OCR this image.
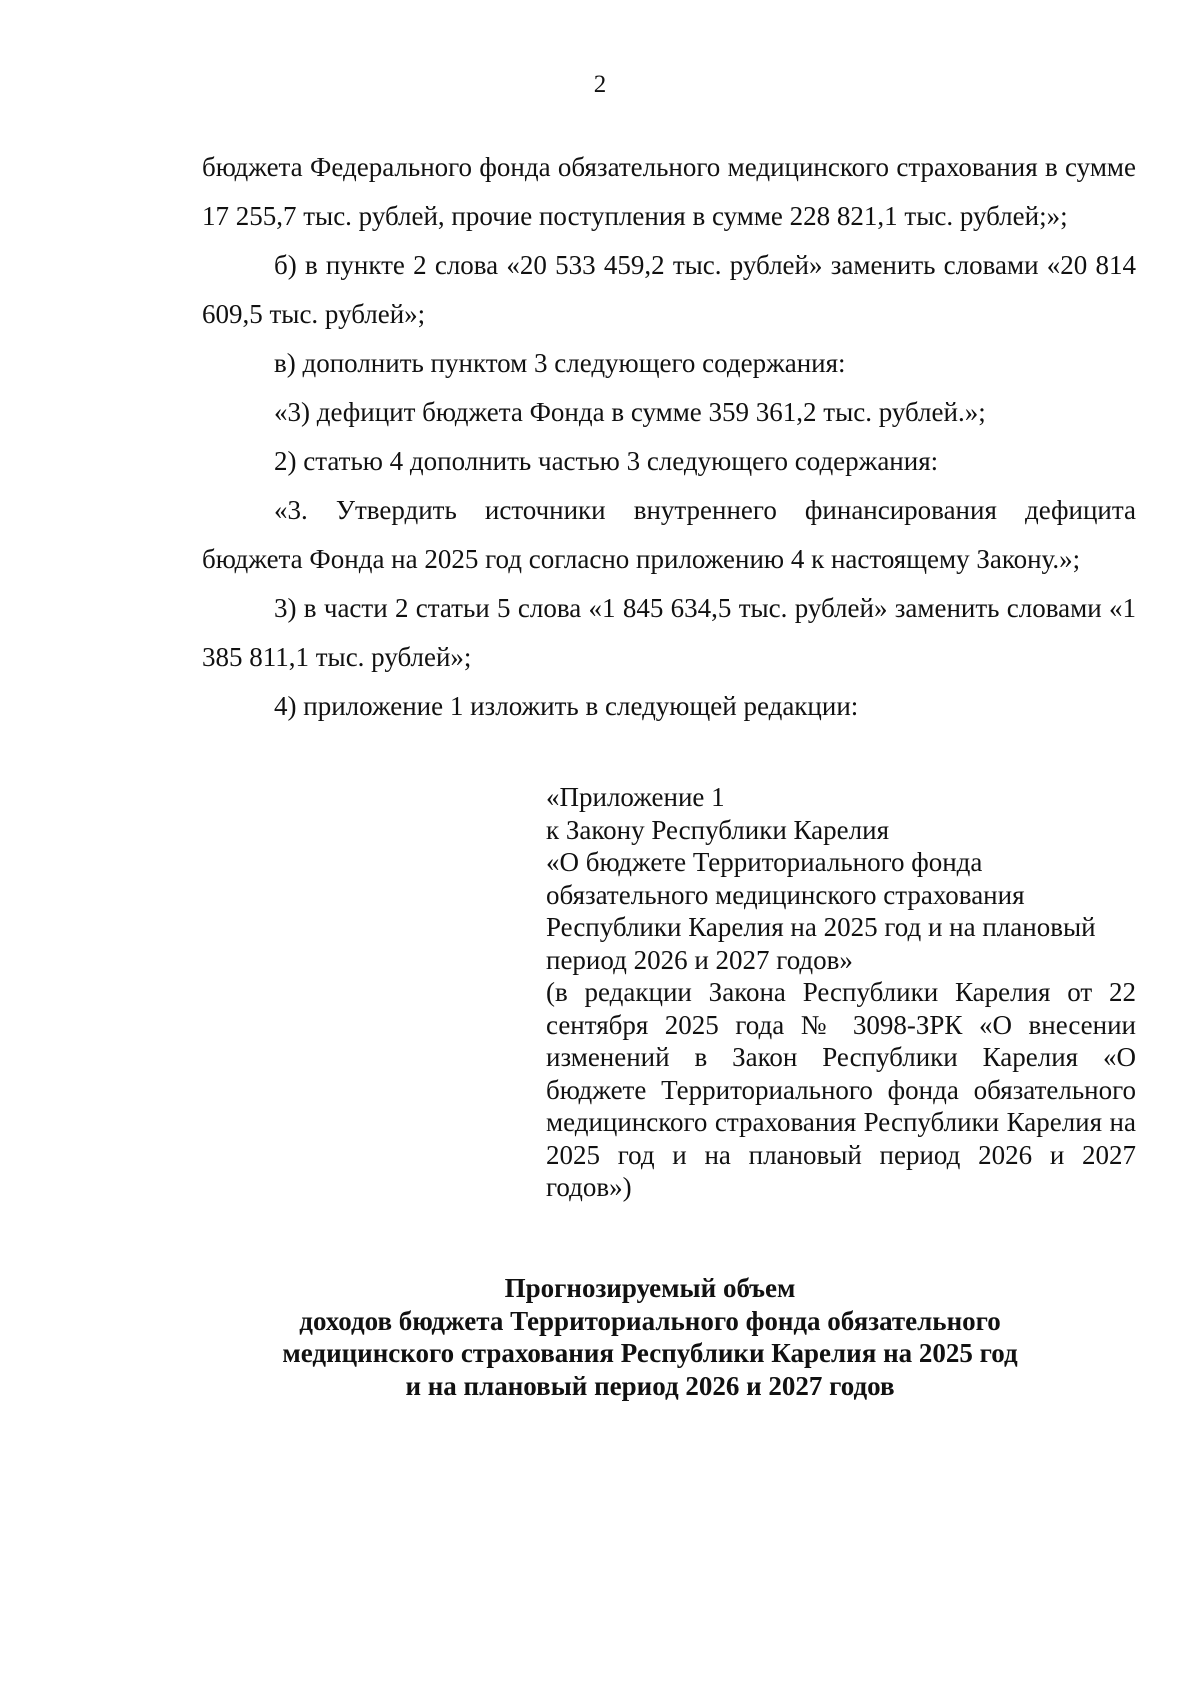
2

бюджета Федерального фонда обязательного медицинского страхования в сумме 17 255,7 тыс. рублей, прочие поступления в сумме 228 821,1 тыс. рублей;»;

б) в пункте 2 слова «20 533 459,2 тыс. рублей» заменить словами «20 814 609,5 тыс. рублей»;

в) дополнить пунктом 3 следующего содержания:

«3) дефицит бюджета Фонда в сумме 359 361,2 тыс. рублей.»;

2) статью 4 дополнить частью 3 следующего содержания:

«3. Утвердить источники внутреннего финансирования дефицита бюджета Фонда на 2025 год согласно приложению 4 к настоящему Закону.»;

3) в части 2 статьи 5 слова «1 845 634,5 тыс. рублей» заменить словами «1 385 811,1 тыс. рублей»;

4) приложение 1 изложить в следующей редакции:

«Приложение 1
к Закону Республики Карелия
«О бюджете Территориального фонда
обязательного медицинского страхования
Республики Карелия на 2025 год и на плановый
период 2026 и 2027 годов»
(в редакции Закона Республики Карелия от 22 сентября 2025 года № 3098-ЗРК «О внесении изменений в Закон Республики Карелия «О бюджете Территориального фонда обязательного медицинского страхования Республики Карелия на 2025 год и на плановый период 2026 и 2027 годов»)
Прогнозируемый объем
доходов бюджета Территориального фонда обязательного
медицинского страхования Республики Карелия на 2025 год
и на плановый период 2026 и 2027 годов
